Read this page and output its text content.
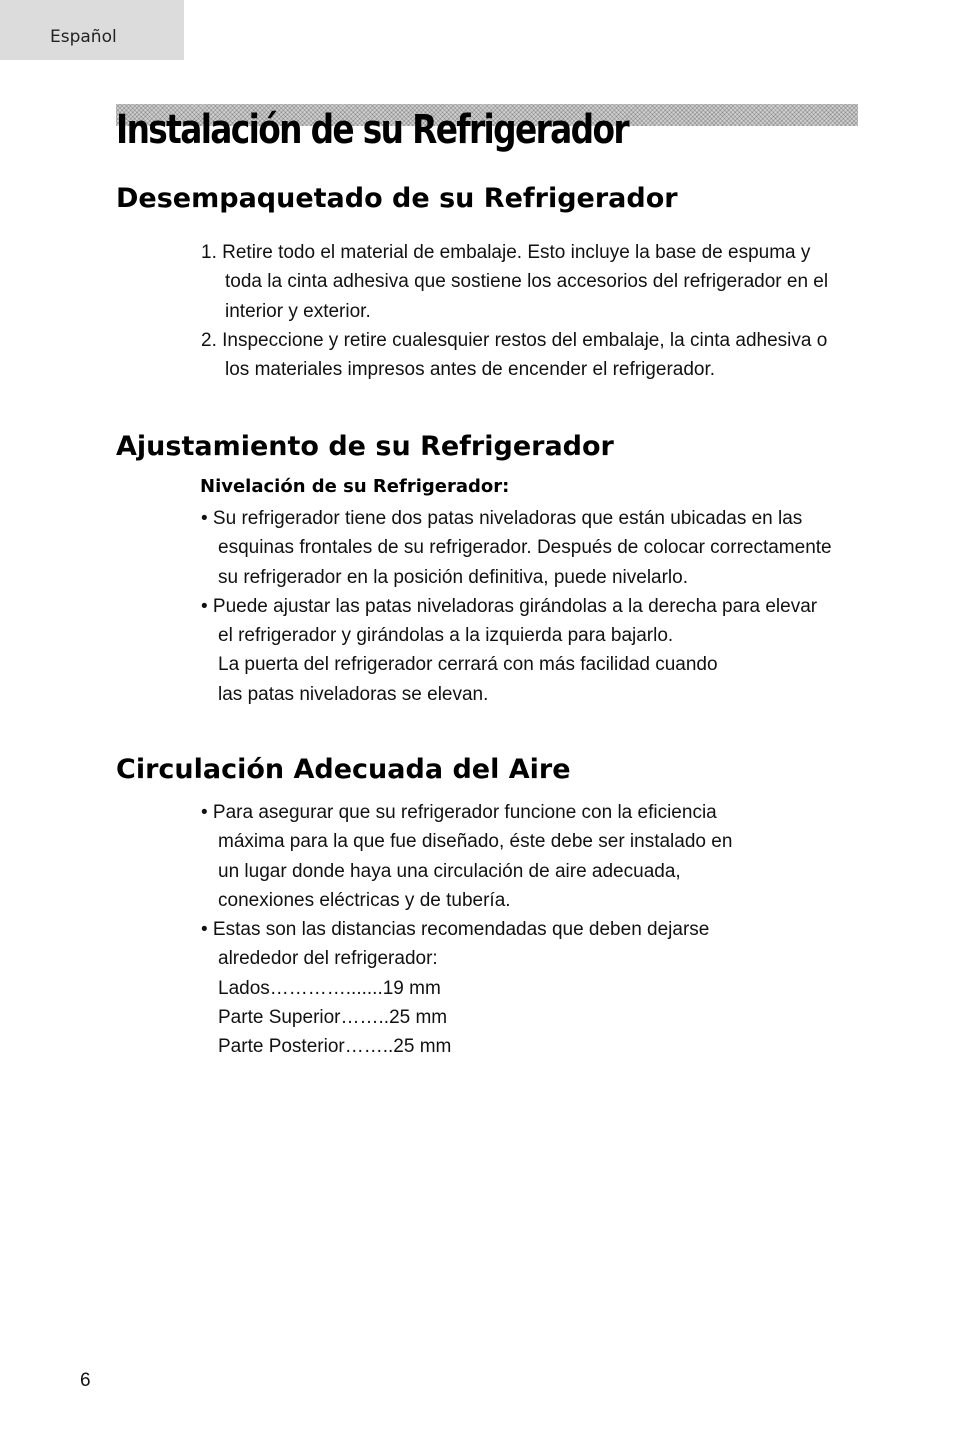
Español
Instalación de su Refrigerador
Desempaquetado de su Refrigerador
1. Retire todo el material de embalaje. Esto incluye la base de espuma y
toda la cinta adhesiva que sostiene los accesorios del refrigerador en el
interior y exterior.
2. Inspeccione y retire cualesquier restos del embalaje, la cinta adhesiva o
los materiales impresos antes de encender el refrigerador.
Ajustamiento de su Refrigerador
Nivelación de su Refrigerador:
• Su refrigerador tiene dos patas niveladoras que están ubicadas en las
esquinas frontales de su refrigerador. Después de colocar correctamente
su refrigerador en la posición definitiva, puede nivelarlo.
• Puede ajustar las patas niveladoras girándolas a la derecha para elevar
el refrigerador y girándolas a la izquierda para bajarlo.
La puerta del refrigerador cerrará con más facilidad cuando
las patas niveladoras se elevan.
Circulación Adecuada del Aire
• Para asegurar que su refrigerador funcione con la eficiencia
máxima para la que fue diseñado, éste debe ser instalado en
un lugar donde haya una circulación de aire adecuada,
conexiones eléctricas y de tubería.
• Estas son las distancias recomendadas que deben dejarse
alrededor del refrigerador:
Lados………….......19 mm
Parte Superior……..25 mm
Parte Posterior……..25 mm
6
